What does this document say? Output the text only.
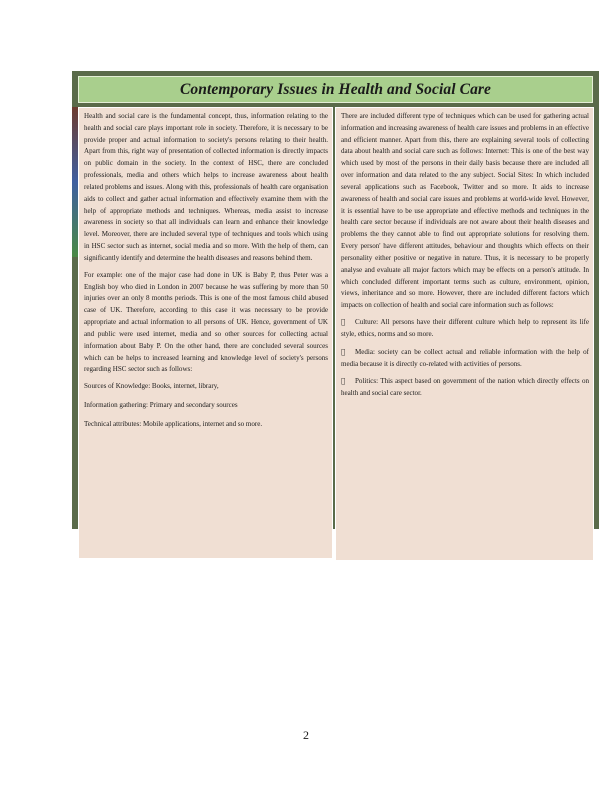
Contemporary Issues in Health and Social Care

Health and social care is the fundamental concept, thus, information relating to the health and social care plays important role in society. Therefore, it is necessary to be provide proper and actual information to society's persons relating to their health. Apart from this, right way of presentation of collected information is directly impacts on public domain in the society. In the context of HSC, there are concluded professionals, media and others which helps to increase awareness about health related problems and issues. Along with this, professionals of health care organisation aids to collect and gather actual information and effectively examine them with the help of appropriate methods and techniques. Whereas, media assist to increase awareness in society so that all individuals can learn and enhance their knowledge level. Moreover, there are included several type of techniques and tools which using in HSC sector such as internet, social media and so more. With the help of them, can significantly identify and determine the health diseases and reasons behind them.

For example: one of the major case had done in UK is Baby P, thus Peter was a English boy who died in London in 2007 because he was suffering by more than 50 injuries over an only 8 months periods. This is one of the most famous child abused case of UK. Therefore, according to this case it was necessary to be provide appropriate and actual information to all persons of UK. Hence, government of UK and public were used internet, media and so other sources for collecting actual information about Baby P. On the other hand, there are concluded several sources which can be helps to increased learning and knowledge level of society's persons regarding HSC sector such as follows:

Sources of Knowledge: Books, internet, library,

Information gathering: Primary and secondary sources

Technical attributes: Mobile applications, internet and so more.

There are included different type of techniques which can be used for gathering actual information and increasing awareness of health care issues and problems in an effective and efficient manner. Apart from this, there are explaining several tools of collecting data about health and social care such as follows: Internet: This is one of the best way which used by most of the persons in their daily basis because there are included all over information and data related to the any subject. Social Sites: In which included several applications such as Facebook, Twitter and so more. It aids to increase awareness of health and social care issues and problems at world-wide level. However, it is essential have to be use appropriate and effective methods and techniques in the health care sector because if individuals are not aware about their health diseases and problems the they cannot able to find out appropriate solutions for resolving them. Every person' have different attitudes, behaviour and thoughts which effects on their personality either positive or negative in nature. Thus, it is necessary to be properly analyse and evaluate all major factors which may be effects on a person's attitude. In which concluded different important terms such as culture, environment, opinion, views, inheritance and so more. However, there are included different factors which impacts on collection of health and social care information such as follows:

Culture: All persons have their different culture which help to represent its life style, ethics, norms and so more.
Media: society can be collect actual and reliable information with the help of media because it is directly co-related with activities of persons.
Politics: This aspect based on government of the nation which directly effects on health and social care sector.
2
